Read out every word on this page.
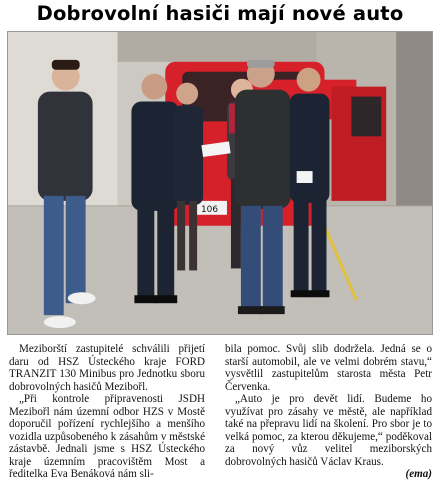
Dobrovolní hasiči mají nové auto
106

Meziborští zastupitelé schválili přijetí daru od HSZ Ústeckého kraje FORD TRANZIT 130 Minibus pro Jednotku sboru dobrovolných hasičů Mezibořl.

„Při kontrole připravenosti JSDH Mezibořl nám územní odbor HZS v Mostě doporučil pořízení rychlejšího a menšího vozidla uzpůsobeného k zásahům v městské zástavbě. Jednali jsme s HSZ Ústeckého kraje územním pracovištěm Most a ředitelka Eva Benáková nám sli-

bila pomoc. Svůj slib dodržela. Jedná se o starší automobil, ale ve velmi dobrém stavu,“ vysvětlil zastupitelům starosta města Petr Červenka.

„Auto je pro devět lidí. Budeme ho využívat pro zásahy ve městě, ale například také na přepravu lidí na školení. Pro sbor je to velká pomoc, za kterou děkujeme,“ poděkoval za nový vůz velitel meziborských dobrovolných hasičů Václav Kraus.

(ema)
